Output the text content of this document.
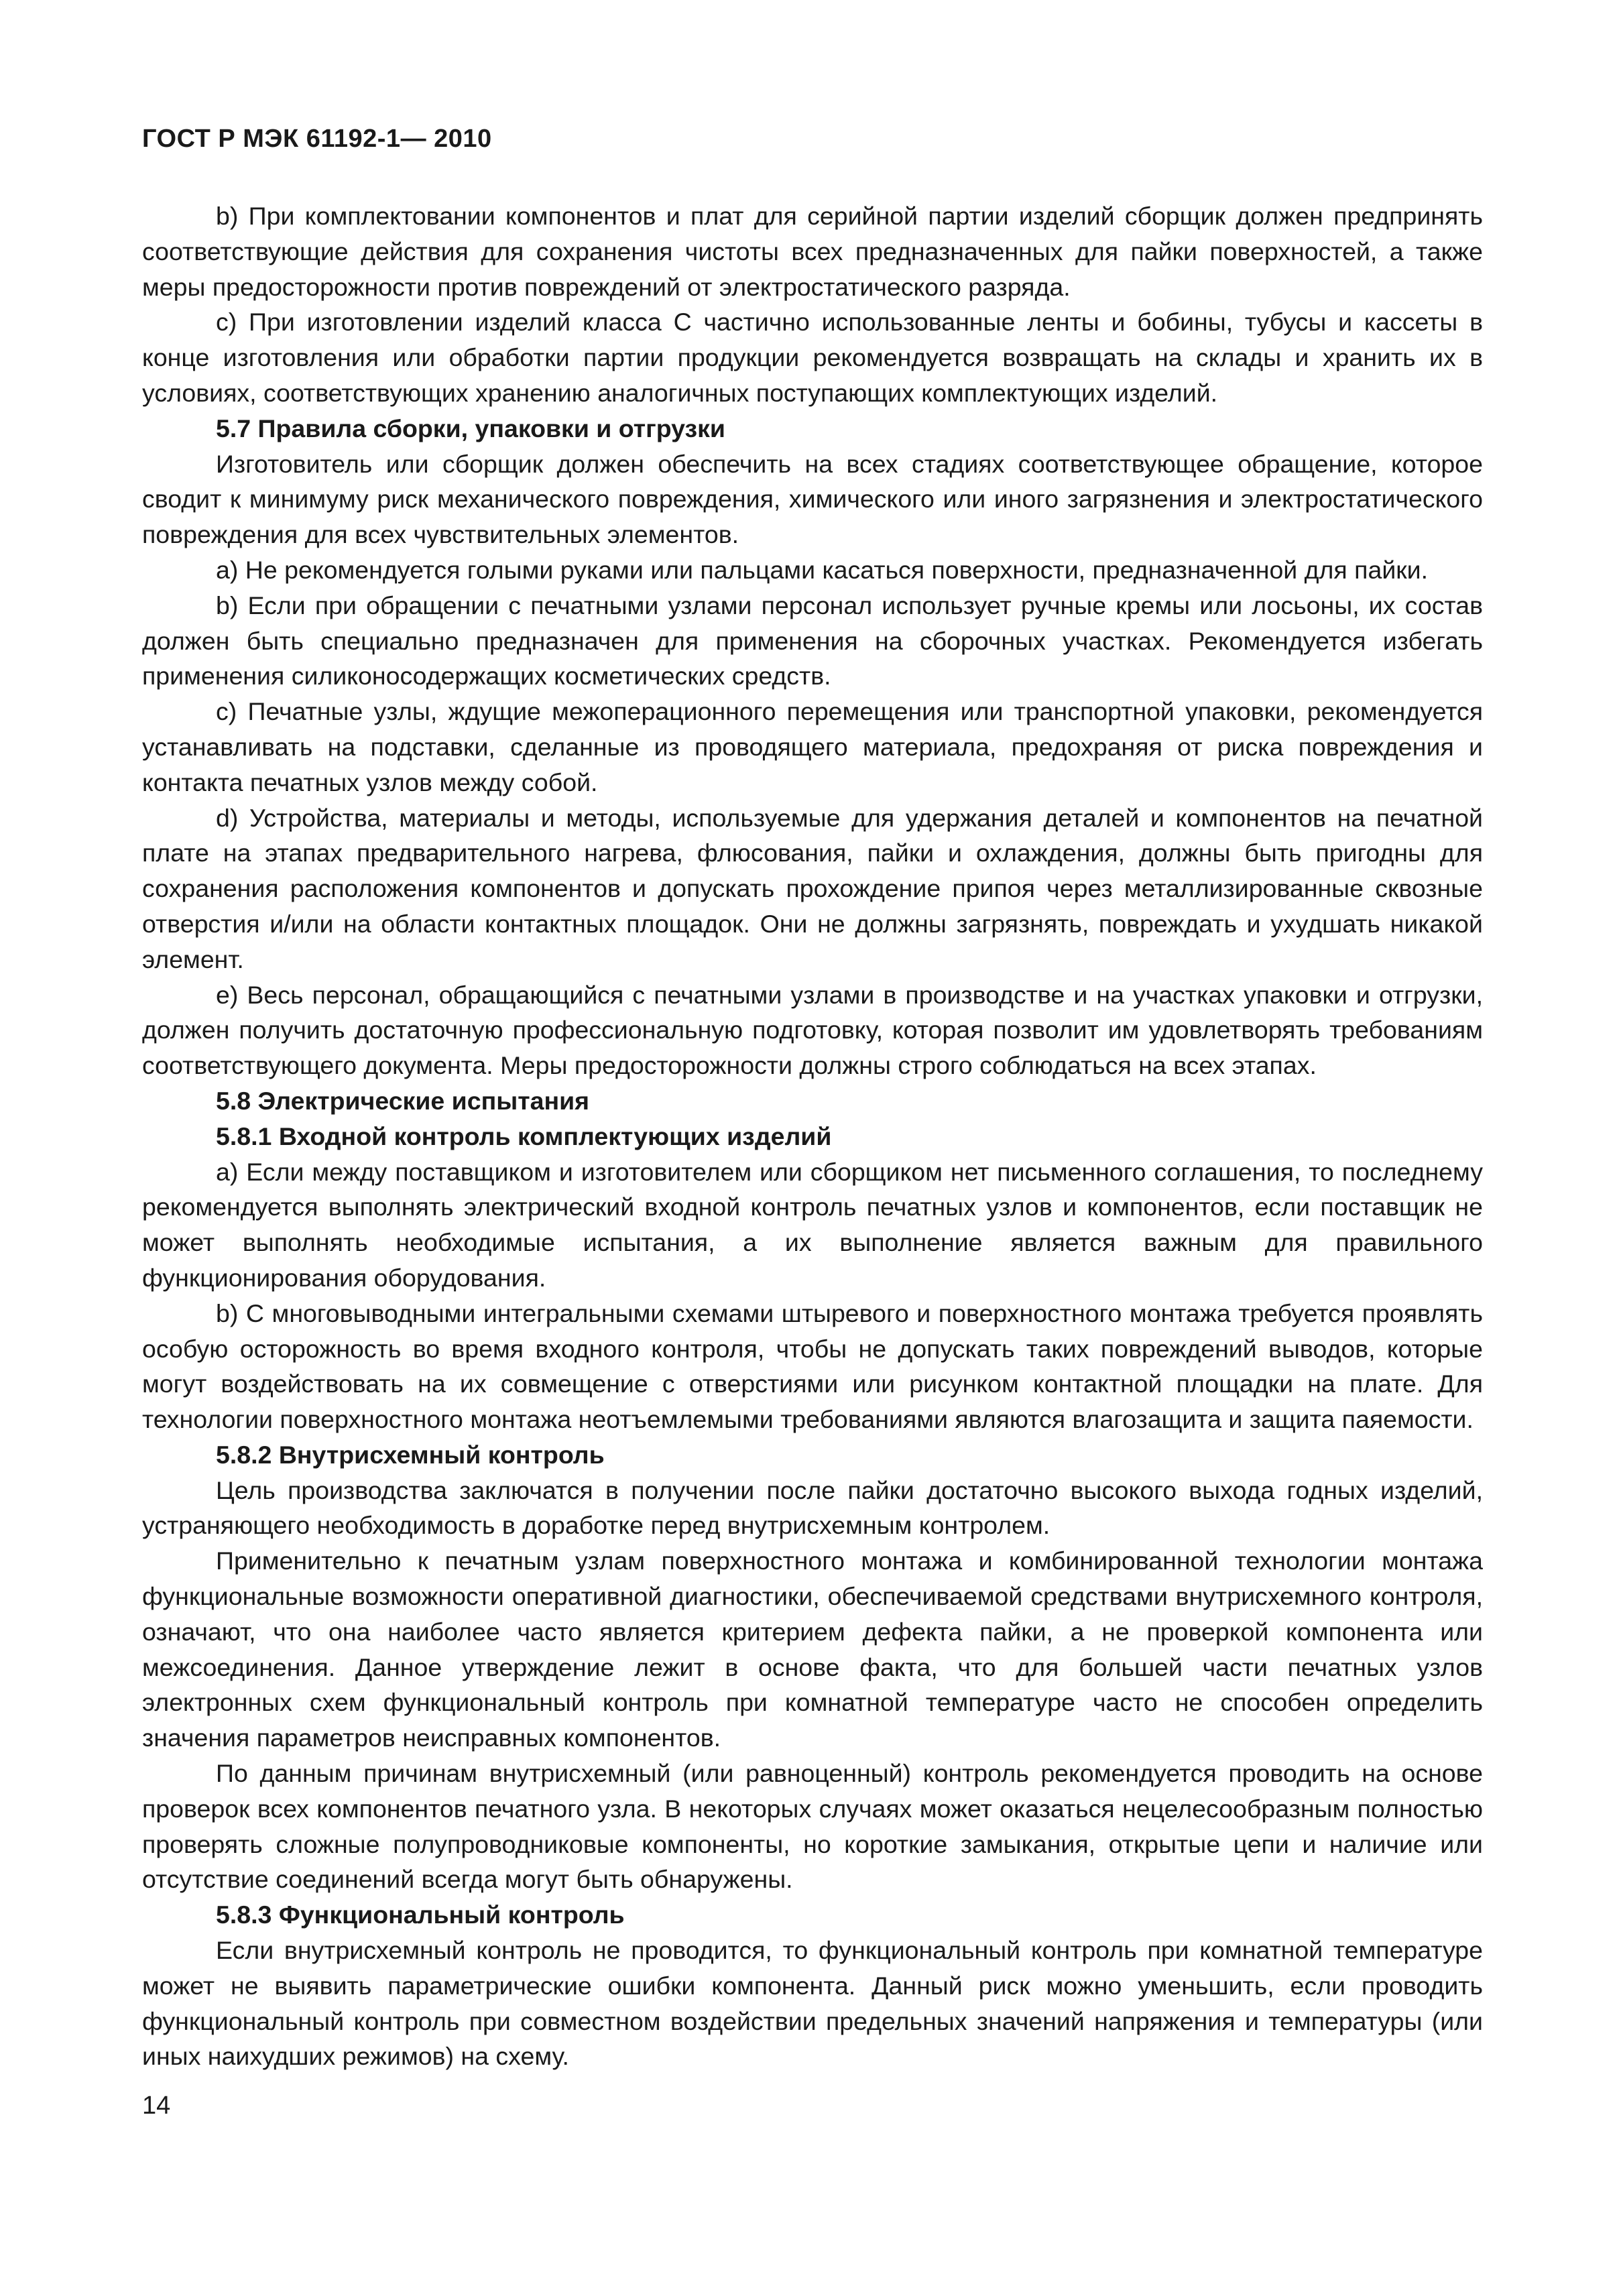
ГОСТ Р МЭК 61192-1— 2010

b) При комплектовании компонентов и плат для серийной партии изделий сборщик должен предпринять соответствующие действия для сохранения чистоты всех предназначенных для пайки поверхностей, а также меры предосторожности против повреждений от электростатического разряда.

с) При изготовлении изделий класса С частично использованные ленты и бобины, тубусы и кассеты в конце изготовления или обработки партии продукции рекомендуется возвращать на склады и хранить их в условиях, соответствующих хранению аналогичных поступающих комплектующих изделий.

5.7 Правила сборки, упаковки и отгрузки

Изготовитель или сборщик должен обеспечить на всех стадиях соответствующее обращение, которое сводит к минимуму риск механического повреждения, химического или иного загрязнения и электростатического повреждения для всех чувствительных элементов.

а) Не рекомендуется голыми руками или пальцами касаться поверхности, предназначенной для пайки.

b) Если при обращении с печатными узлами персонал использует ручные кремы или лосьоны, их состав должен быть специально предназначен для применения на сборочных участках. Рекомендуется избегать применения силиконосодержащих косметических средств.

с) Печатные узлы, ждущие межоперационного перемещения или транспортной упаковки, рекомендуется устанавливать на подставки, сделанные из проводящего материала, предохраняя от риска повреждения и контакта печатных узлов между собой.

d) Устройства, материалы и методы, используемые для удержания деталей и компонентов на печатной плате на этапах предварительного нагрева, флюсования, пайки и охлаждения, должны быть пригодны для сохранения расположения компонентов и допускать прохождение припоя через металлизированные сквозные отверстия и/или на области контактных площадок. Они не должны загрязнять, повреждать и ухудшать никакой элемент.

е) Весь персонал, обращающийся с печатными узлами в производстве и на участках упаковки и отгрузки, должен получить достаточную профессиональную подготовку, которая позволит им удовлетворять требованиям соответствующего документа. Меры предосторожности должны строго соблюдаться на всех этапах.

5.8 Электрические испытания

5.8.1 Входной контроль комплектующих изделий

а) Если между поставщиком и изготовителем или сборщиком нет письменного соглашения, то последнему рекомендуется выполнять электрический входной контроль печатных узлов и компонентов, если поставщик не может выполнять необходимые испытания, а их выполнение является важным для правильного функционирования оборудования.

b) С многовыводными интегральными схемами штыревого и поверхностного монтажа требуется проявлять особую осторожность во время входного контроля, чтобы не допускать таких повреждений выводов, которые могут воздействовать на их совмещение с отверстиями или рисунком контактной площадки на плате. Для технологии поверхностного монтажа неотъемлемыми требованиями являются влагозащита и защита паяемости.

5.8.2 Внутрисхемный контроль

Цель производства заключатся в получении после пайки достаточно высокого выхода годных изделий, устраняющего необходимость в доработке перед внутрисхемным контролем.

Применительно к печатным узлам поверхностного монтажа и комбинированной технологии монтажа функциональные возможности оперативной диагностики, обеспечиваемой средствами внутрисхемного контроля, означают, что она наиболее часто является критерием дефекта пайки, а не проверкой компонента или межсоединения. Данное утверждение лежит в основе факта, что для большей части печатных узлов электронных схем функциональный контроль при комнатной температуре часто не способен определить значения параметров неисправных компонентов.

По данным причинам внутрисхемный (или равноценный) контроль рекомендуется проводить на основе проверок всех компонентов печатного узла. В некоторых случаях может оказаться нецелесообразным полностью проверять сложные полупроводниковые компоненты, но короткие замыкания, открытые цепи и наличие или отсутствие соединений всегда могут быть обнаружены.

5.8.3 Функциональный контроль

Если внутрисхемный контроль не проводится, то функциональный контроль при комнатной температуре может не выявить параметрические ошибки компонента. Данный риск можно уменьшить, если проводить функциональный контроль при совместном воздействии предельных значений напряжения и температуры (или иных наихудших режимов) на схему.

14
